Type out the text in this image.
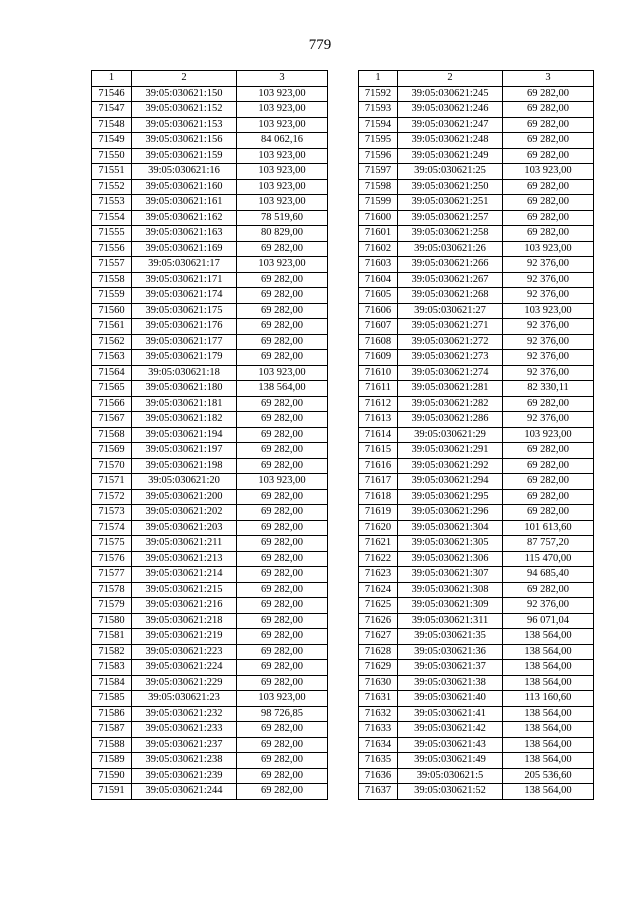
779
1	2	3
71546	39:05:030621:150	103 923,00
71547	39:05:030621:152	103 923,00
71548	39:05:030621:153	103 923,00
71549	39:05:030621:156	84 062,16
71550	39:05:030621:159	103 923,00
71551	39:05:030621:16	103 923,00
71552	39:05:030621:160	103 923,00
71553	39:05:030621:161	103 923,00
71554	39:05:030621:162	78 519,60
71555	39:05:030621:163	80 829,00
71556	39:05:030621:169	69 282,00
71557	39:05:030621:17	103 923,00
71558	39:05:030621:171	69 282,00
71559	39:05:030621:174	69 282,00
71560	39:05:030621:175	69 282,00
71561	39:05:030621:176	69 282,00
71562	39:05:030621:177	69 282,00
71563	39:05:030621:179	69 282,00
71564	39:05:030621:18	103 923,00
71565	39:05:030621:180	138 564,00
71566	39:05:030621:181	69 282,00
71567	39:05:030621:182	69 282,00
71568	39:05:030621:194	69 282,00
71569	39:05:030621:197	69 282,00
71570	39:05:030621:198	69 282,00
71571	39:05:030621:20	103 923,00
71572	39:05:030621:200	69 282,00
71573	39:05:030621:202	69 282,00
71574	39:05:030621:203	69 282,00
71575	39:05:030621:211	69 282,00
71576	39:05:030621:213	69 282,00
71577	39:05:030621:214	69 282,00
71578	39:05:030621:215	69 282,00
71579	39:05:030621:216	69 282,00
71580	39:05:030621:218	69 282,00
71581	39:05:030621:219	69 282,00
71582	39:05:030621:223	69 282,00
71583	39:05:030621:224	69 282,00
71584	39:05:030621:229	69 282,00
71585	39:05:030621:23	103 923,00
71586	39:05:030621:232	98 726,85
71587	39:05:030621:233	69 282,00
71588	39:05:030621:237	69 282,00
71589	39:05:030621:238	69 282,00
71590	39:05:030621:239	69 282,00
71591	39:05:030621:244	69 282,00
1	2	3
71592	39:05:030621:245	69 282,00
71593	39:05:030621:246	69 282,00
71594	39:05:030621:247	69 282,00
71595	39:05:030621:248	69 282,00
71596	39:05:030621:249	69 282,00
71597	39:05:030621:25	103 923,00
71598	39:05:030621:250	69 282,00
71599	39:05:030621:251	69 282,00
71600	39:05:030621:257	69 282,00
71601	39:05:030621:258	69 282,00
71602	39:05:030621:26	103 923,00
71603	39:05:030621:266	92 376,00
71604	39:05:030621:267	92 376,00
71605	39:05:030621:268	92 376,00
71606	39:05:030621:27	103 923,00
71607	39:05:030621:271	92 376,00
71608	39:05:030621:272	92 376,00
71609	39:05:030621:273	92 376,00
71610	39:05:030621:274	92 376,00
71611	39:05:030621:281	82 330,11
71612	39:05:030621:282	69 282,00
71613	39:05:030621:286	92 376,00
71614	39:05:030621:29	103 923,00
71615	39:05:030621:291	69 282,00
71616	39:05:030621:292	69 282,00
71617	39:05:030621:294	69 282,00
71618	39:05:030621:295	69 282,00
71619	39:05:030621:296	69 282,00
71620	39:05:030621:304	101 613,60
71621	39:05:030621:305	87 757,20
71622	39:05:030621:306	115 470,00
71623	39:05:030621:307	94 685,40
71624	39:05:030621:308	69 282,00
71625	39:05:030621:309	92 376,00
71626	39:05:030621:311	96 071,04
71627	39:05:030621:35	138 564,00
71628	39:05:030621:36	138 564,00
71629	39:05:030621:37	138 564,00
71630	39:05:030621:38	138 564,00
71631	39:05:030621:40	113 160,60
71632	39:05:030621:41	138 564,00
71633	39:05:030621:42	138 564,00
71634	39:05:030621:43	138 564,00
71635	39:05:030621:49	138 564,00
71636	39:05:030621:5	205 536,60
71637	39:05:030621:52	138 564,00
